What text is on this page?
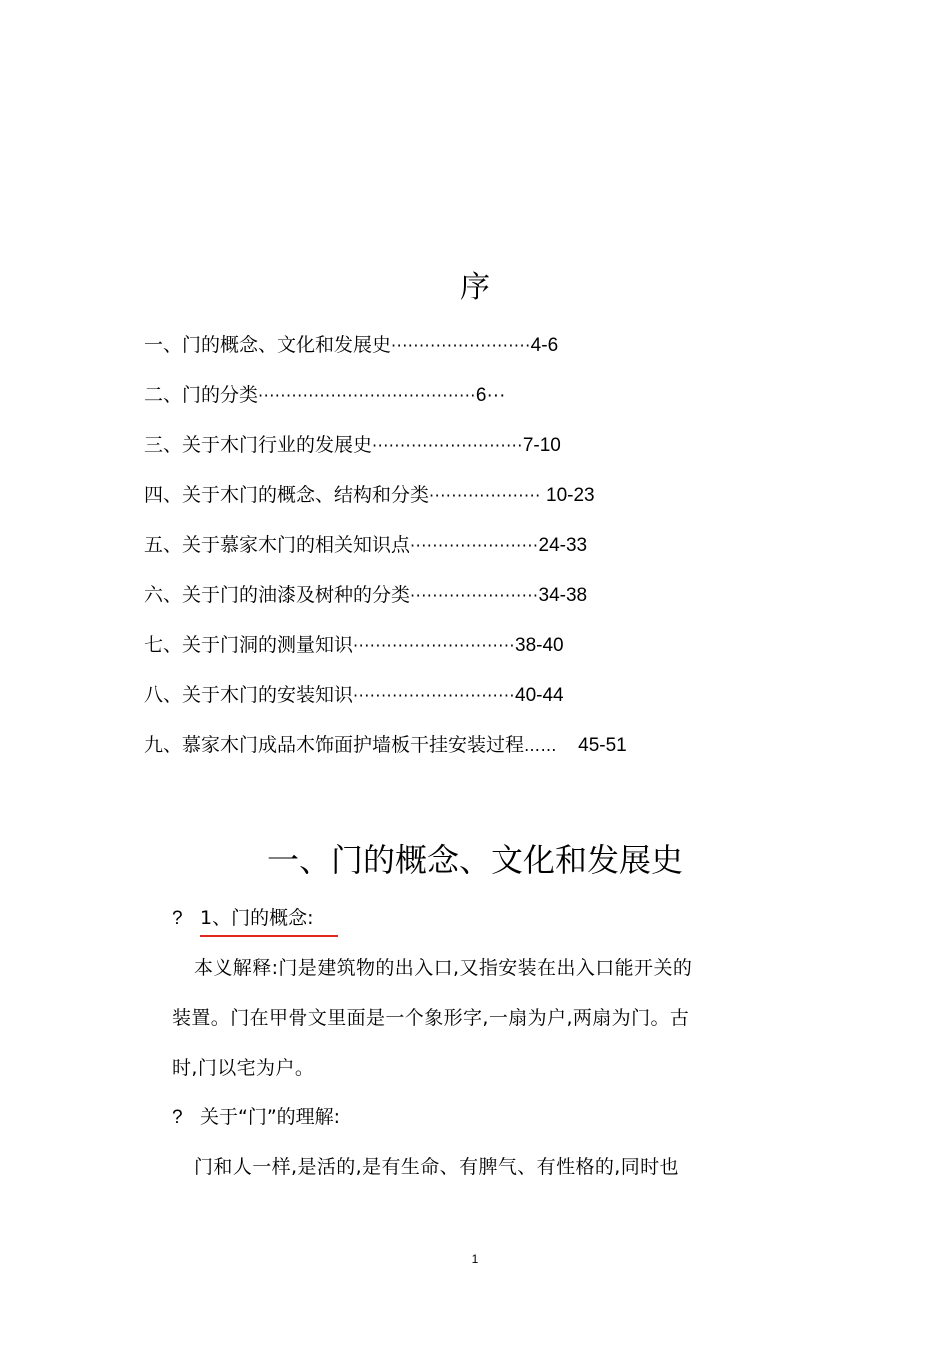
序
一、门的概念、文化和发展史 ························· 4-6
二、门的分类 ······································· 6···
三、关于木门行业的发展史 ··························· 7-10
四、关于木门的概念、结构和分类 ···················· 10-23
五、关于慕家木门的相关知识点 ······················· 24-33
六、关于门的油漆及树种的分类 ······················· 34-38
七、关于门洞的测量知识 ····························· 38-40
八、关于木门的安装知识 ····························· 40-44
九、慕家木门成品木饰面护墙板干挂安装过程 …… 45-51
一、门的概念、文化和发展史
? 1、门的概念:
本义解释:门是建筑物的出入口,又指安装在出入口能开关的
装置。门在甲骨文里面是一个象形字,一扇为户,两扇为门。古
时,门以宅为户。
? 关于“门”的理解:
门和人一样,是活的,是有生命、有脾气、有性格的,同时也
1
